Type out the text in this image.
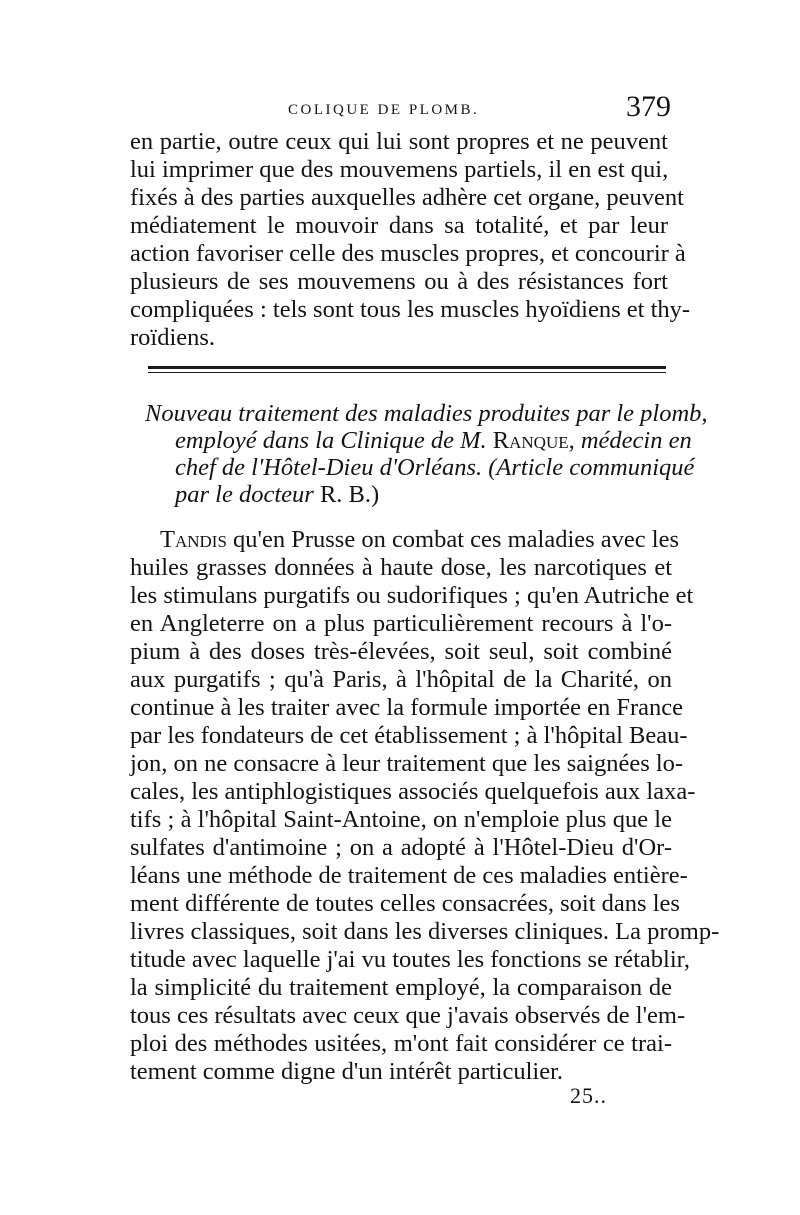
COLIQUE DE PLOMB.	379
en partie, outre ceux qui lui sont propres et ne peuvent
lui imprimer que des mouvemens partiels, il en est qui,
fixés à des parties auxquelles adhère cet organe, peuvent
médiatement le mouvoir dans sa totalité, et par leur
action favoriser celle des muscles propres, et concourir à
plusieurs de ses mouvemens ou à des résistances fort
compliquées : tels sont tous les muscles hyoïdiens et thy-
roïdiens.
Nouveau traitement des maladies produites par le plomb,
employé dans la Clinique de M. Ranque, médecin en
chef de l'Hôtel-Dieu d'Orléans. (Article communiqué
par le docteur R. B.)
Tandis qu'en Prusse on combat ces maladies avec les
huiles grasses données à haute dose, les narcotiques et
les stimulans purgatifs ou sudorifiques ; qu'en Autriche et
en Angleterre on a plus particulièrement recours à l'o-
pium à des doses très-élevées, soit seul, soit combiné
aux purgatifs ; qu'à Paris, à l'hôpital de la Charité, on
continue à les traiter avec la formule importée en France
par les fondateurs de cet établissement ; à l'hôpital Beau-
jon, on ne consacre à leur traitement que les saignées lo-
cales, les antiphlogistiques associés quelquefois aux laxa-
tifs ; à l'hôpital Saint-Antoine, on n'emploie plus que le
sulfates d'antimoine ; on a adopté à l'Hôtel-Dieu d'Or-
léans une méthode de traitement de ces maladies entière-
ment différente de toutes celles consacrées, soit dans les
livres classiques, soit dans les diverses cliniques. La promp-
titude avec laquelle j'ai vu toutes les fonctions se rétablir,
la simplicité du traitement employé, la comparaison de
tous ces résultats avec ceux que j'avais observés de l'em-
ploi des méthodes usitées, m'ont fait considérer ce trai-
tement comme digne d'un intérêt particulier.
25..
